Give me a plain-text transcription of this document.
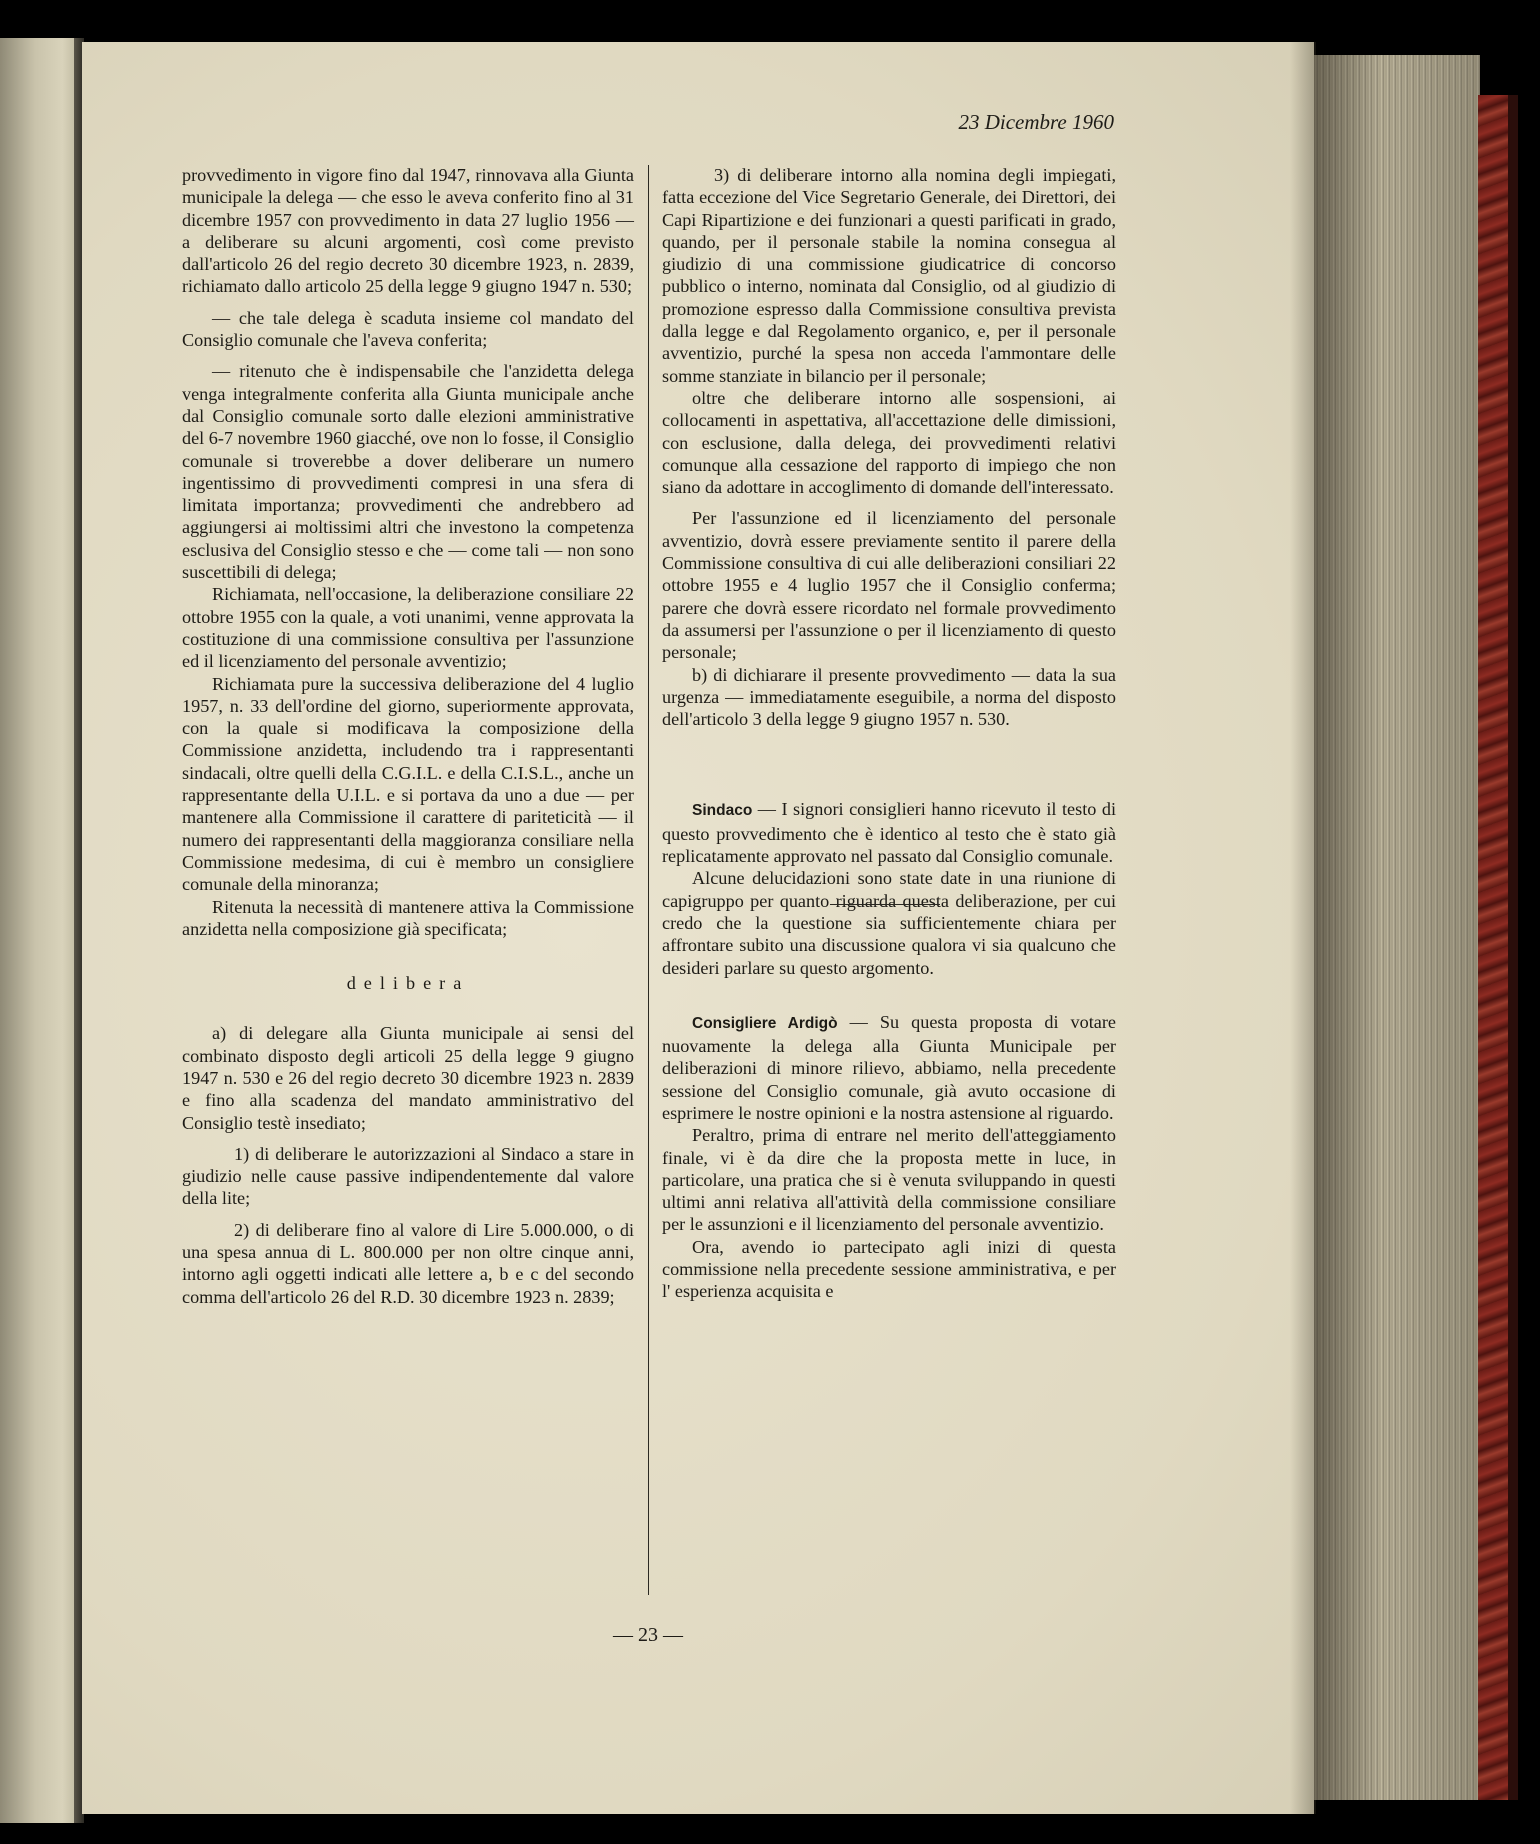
23 Dicembre 1960

provvedimento in vigore fino dal 1947, rinnovava alla Giunta municipale la delega — che esso le aveva conferito fino al 31 dicembre 1957 con provvedimento in data 27 luglio 1956 — a deliberare su alcuni argomenti, così come previsto dall'articolo 26 del regio decreto 30 dicembre 1923, n. 2839, richiamato dallo articolo 25 della legge 9 giugno 1947 n. 530;

— che tale delega è scaduta insieme col mandato del Consiglio comunale che l'aveva conferita;

— ritenuto che è indispensabile che l'anzidetta delega venga integralmente conferita alla Giunta municipale anche dal Consiglio comunale sorto dalle elezioni amministrative del 6-7 novembre 1960 giacché, ove non lo fosse, il Consiglio comunale si troverebbe a dover deliberare un numero ingentissimo di provvedimenti compresi in una sfera di limitata importanza; provvedimenti che andrebbero ad aggiungersi ai moltissimi altri che investono la competenza esclusiva del Consiglio stesso e che — come tali — non sono suscettibili di delega;

Richiamata, nell'occasione, la deliberazione consiliare 22 ottobre 1955 con la quale, a voti unanimi, venne approvata la costituzione di una commissione consultiva per l'assunzione ed il licenziamento del personale avventizio;

Richiamata pure la successiva deliberazione del 4 luglio 1957, n. 33 dell'ordine del giorno, superiormente approvata, con la quale si modificava la composizione della Commissione anzidetta, includendo tra i rappresentanti sindacali, oltre quelli della C.G.I.L. e della C.I.S.L., anche un rappresentante della U.I.L. e si portava da uno a due — per mantenere alla Commissione il carattere di pariteticità — il numero dei rappresentanti della maggioranza consiliare nella Commissione medesima, di cui è membro un consigliere comunale della minoranza;

Ritenuta la necessità di mantenere attiva la Commissione anzidetta nella composizione già specificata;

delibera

a) di delegare alla Giunta municipale ai sensi del combinato disposto degli articoli 25 della legge 9 giugno 1947 n. 530 e 26 del regio decreto 30 dicembre 1923 n. 2839 e fino alla scadenza del mandato amministrativo del Consiglio testè insediato;

1) di deliberare le autorizzazioni al Sindaco a stare in giudizio nelle cause passive indipendentemente dal valore della lite;

2) di deliberare fino al valore di Lire 5.000.000, o di una spesa annua di L. 800.000 per non oltre cinque anni, intorno agli oggetti indicati alle lettere a, b e c del secondo comma dell'articolo 26 del R.D. 30 dicembre 1923 n. 2839;

3) di deliberare intorno alla nomina degli impiegati, fatta eccezione del Vice Segretario Generale, dei Direttori, dei Capi Ripartizione e dei funzionari a questi parificati in grado, quando, per il personale stabile la nomina consegua al giudizio di una commissione giudicatrice di concorso pubblico o interno, nominata dal Consiglio, od al giudizio di promozione espresso dalla Commissione consultiva prevista dalla legge e dal Regolamento organico, e, per il personale avventizio, purché la spesa non acceda l'ammontare delle somme stanziate in bilancio per il personale;

oltre che deliberare intorno alle sospensioni, ai collocamenti in aspettativa, all'accettazione delle dimissioni, con esclusione, dalla delega, dei provvedimenti relativi comunque alla cessazione del rapporto di impiego che non siano da adottare in accoglimento di domande dell'interessato.

Per l'assunzione ed il licenziamento del personale avventizio, dovrà essere previamente sentito il parere della Commissione consultiva di cui alle deliberazioni consiliari 22 ottobre 1955 e 4 luglio 1957 che il Consiglio conferma; parere che dovrà essere ricordato nel formale provvedimento da assumersi per l'assunzione o per il licenziamento di questo personale;

b) di dichiarare il presente provvedimento — data la sua urgenza — immediatamente eseguibile, a norma del disposto dell'articolo 3 della legge 9 giugno 1957 n. 530.

Sindaco — I signori consiglieri hanno ricevuto il testo di questo provvedimento che è identico al testo che è stato già replicatamente approvato nel passato dal Consiglio comunale.

Alcune delucidazioni sono state date in una riunione di capigruppo per quanto riguarda questa deliberazione, per cui credo che la questione sia sufficientemente chiara per affrontare subito una discussione qualora vi sia qualcuno che desideri parlare su questo argomento.

Consigliere Ardigò — Su questa proposta di votare nuovamente la delega alla Giunta Municipale per deliberazioni di minore rilievo, abbiamo, nella precedente sessione del Consiglio comunale, già avuto occasione di esprimere le nostre opinioni e la nostra astensione al riguardo.

Peraltro, prima di entrare nel merito dell'atteggiamento finale, vi è da dire che la proposta mette in luce, in particolare, una pratica che si è venuta sviluppando in questi ultimi anni relativa all'attività della commissione consiliare per le assunzioni e il licenziamento del personale avventizio.

Ora, avendo io partecipato agli inizi di questa commissione nella precedente sessione amministrativa, e per l' esperienza acquisita e

— 23 —
